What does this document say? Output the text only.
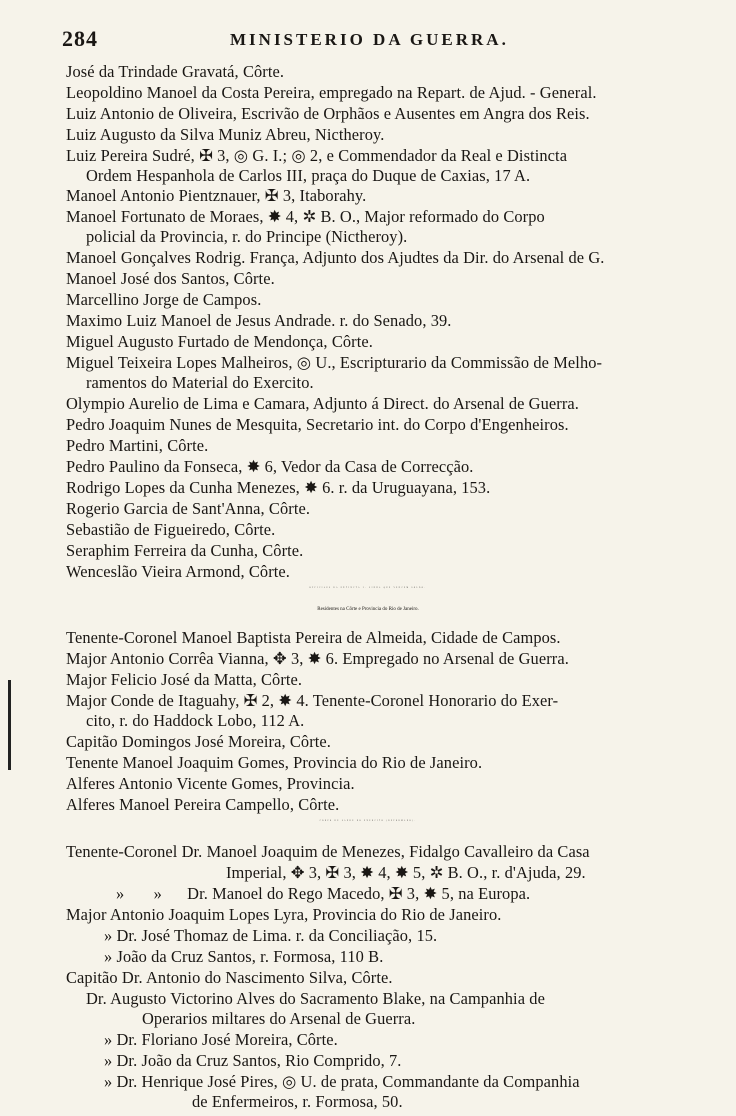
284	MINISTERIO DA GUERRA.
José da Trindade Gravatá, Côrte.
Leopoldino Manoel da Costa Pereira, empregado na Repart. de Ajud. - General.
Luiz Antonio de Oliveira, Escrivão de Orphãos e Ausentes em Angra dos Reis.
Luiz Augusto da Silva Muniz Abreu, Nictheroy.
Luiz Pereira Sudré, ✠ 3, ◎ G. I.; ◎ 2, e Commendador da Real e Distincta
Ordem Hespanhola de Carlos III, praça do Duque de Caxias, 17 A.
Manoel Antonio Pientznauer, ✠ 3, Itaborahy.
Manoel Fortunato de Moraes, ✸ 4, ✲ B. O., Major reformado do Corpo
policial da Provincia, r. do Principe (Nictheroy).
Manoel Gonçalves Rodrig. França, Adjunto dos Ajudtes da Dir. do Arsenal de G.
Manoel José dos Santos, Côrte.
Marcellino Jorge de Campos.
Maximo Luiz Manoel de Jesus Andrade. r. do Senado, 39.
Miguel Augusto Furtado de Mendonça, Côrte.
Miguel Teixeira Lopes Malheiros, ◎ U., Escripturario da Commissão de Melho-
ramentos do Material do Exercito.
Olympio Aurelio de Lima e Camara, Adjunto á Direct. do Arsenal de Guerra.
Pedro Joaquim Nunes de Mesquita, Secretario int. do Corpo d'Engenheiros.
Pedro Martini, Côrte.
Pedro Paulino da Fonseca, ✸ 6, Vedor da Casa de Correcção.
Rodrigo Lopes da Cunha Menezes, ✸ 6. r. da Uruguayana, 153.
Rogerio Garcia de Sant'Anna, Côrte.
Sebastião de Figueiredo, Côrte.
Seraphim Ferreira da Cunha, Côrte.
Wenceslão Vieira Armond, Côrte.
OFFICIAES DA EXTINCTA 2ª LINHA QUE VENCEM SOLDO.
Residentes na Côrte e Provincia do Rio de Janeiro.
Tenente-Coronel Manoel Baptista Pereira de Almeida, Cidade de Campos.
Major Antonio Corrêa Vianna, ✥ 3, ✸ 6. Empregado no Arsenal de Guerra.
Major Felicio José da Matta, Côrte.
Major Conde de Itaguahy, ✠ 2, ✸ 4. Tenente-Coronel Honorario do Exer-
cito, r. do Haddock Lobo, 112 A.
Capitão Domingos José Moreira, Côrte.
Tenente Manoel Joaquim Gomes, Provincia do Rio de Janeiro.
Alferes Antonio Vicente Gomes, Provincia.
Alferes Manoel Pereira Campello, Côrte.
CORPO DE SAUDE DO EXERCITO (REFORMADO).
Tenente-Coronel Dr. Manoel Joaquim de Menezes, Fidalgo Cavalleiro da Casa
Imperial, ✥ 3, ✠ 3, ✸ 4, ✸ 5, ✲ B. O., r. d'Ajuda, 29.
»       »      Dr. Manoel do Rego Macedo, ✠ 3, ✸ 5, na Europa.
Major Antonio Joaquim Lopes Lyra, Provincia do Rio de Janeiro.
» Dr. José Thomaz de Lima. r. da Conciliação, 15.
» João da Cruz Santos, r. Formosa, 110 B.
Capitão Dr. Antonio do Nascimento Silva, Côrte.
Dr. Augusto Victorino Alves do Sacramento Blake, na Campanhia de
Operarios miltares do Arsenal de Guerra.
» Dr. Floriano José Moreira, Côrte.
» Dr. João da Cruz Santos, Rio Comprido, 7.
» Dr. Henrique José Pires, ◎ U. de prata, Commandante da Companhia
de Enfermeiros, r. Formosa, 50.
